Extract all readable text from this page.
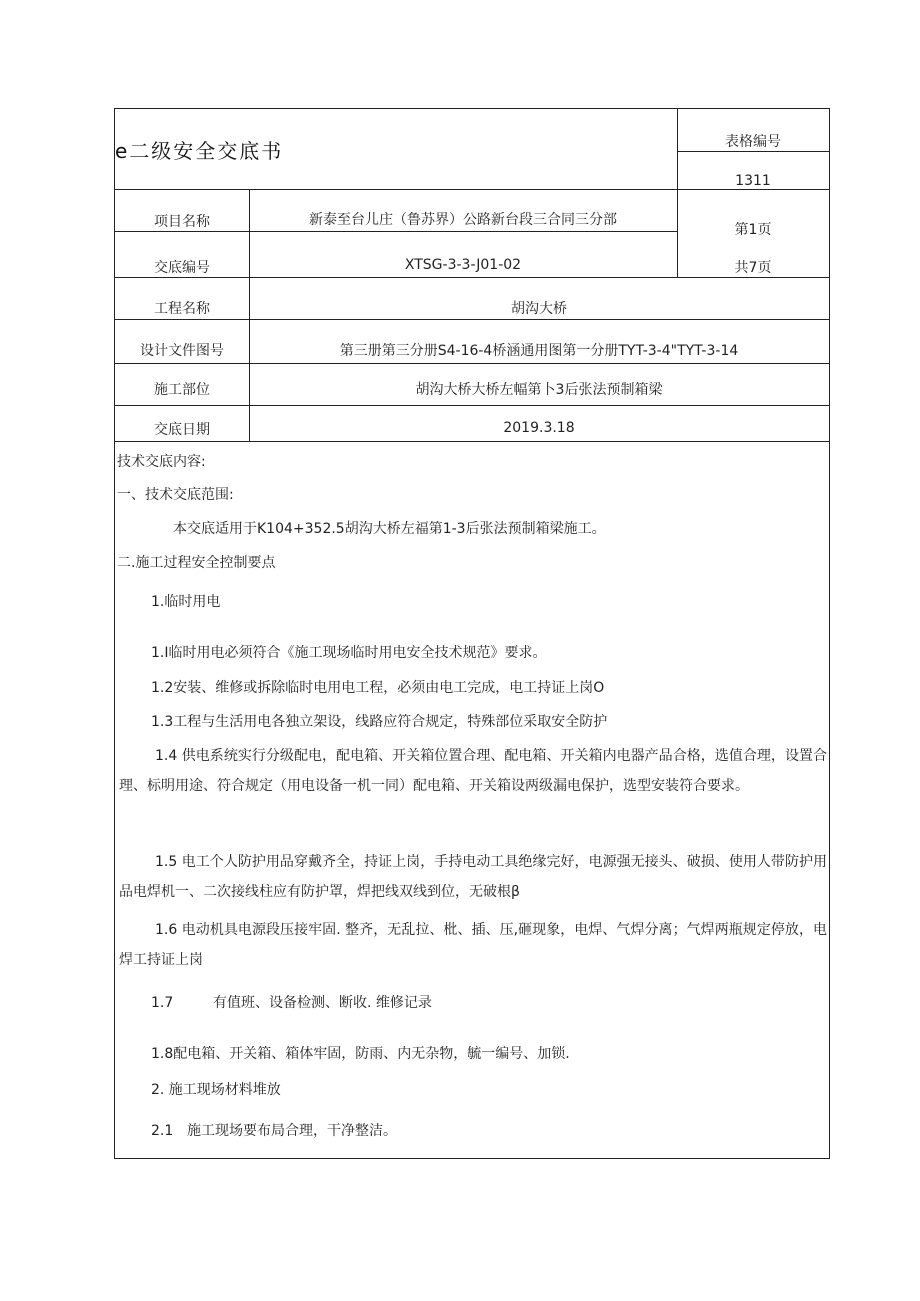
e二级安全交底书	表格编号
1311
项目名称	新泰至台儿庄（鲁苏界）公路新台段三合同三分部
第1页
交底编号	XTSG-3-3-J01-02	共7页
工程名称	胡沟大桥
设计文件图号	第三册第三分册S4-16-4桥涵通用图第一分册TYT-3-4"TYT-3-14
施工部位	胡沟大桥大桥左幅第卜3后张法预制箱梁
交底日期	2019.3.18
技术交底内容:
一、技术交底范围:
本交底适用于K104+352.5胡沟大桥左福第1-3后张法预制箱梁施工。
二.施工过程安全控制要点
1.临时用电
1.I临时用电必须符合《施工现场临时用电安全技术规范》要求。
1.2安装、维修或拆除临时电用电工程，必须由电工完成，电工持证上岗O
1.3工程与生活用电各独立架设，线路应符合规定，特殊部位采取安全防护
1.4 供电系统实行分级配电，配电箱、开关箱位置合理、配电箱、开关箱内电器产品合格，选值合理，设置合理、标明用途、符合规定（用电设备一机一同）配电箱、开关箱设两级漏电保护，选型安装符合要求。
1.5 电工个人防护用品穿戴齐全，持证上岗，手持电动工具绝缘完好，电源强无接头、破损、使用人带防护用品电焊机一、二次接线柱应有防护罩，焊把线双线到位，无破根β
1.6 电动机具电源段压接牢固. 整齐，无乱拉、枇、插、压,砸现象，电焊、气焊分离；气焊两瓶规定停放，电焊工持证上岗
1.7	有值班、设备检测、断收. 维修记录
1.8配电箱、开关箱、箱体牢固，防雨、内无杂物，毓一编号、加锁.
2. 施工现场材料堆放
2.1 施工现场要布局合理，干净整洁。
